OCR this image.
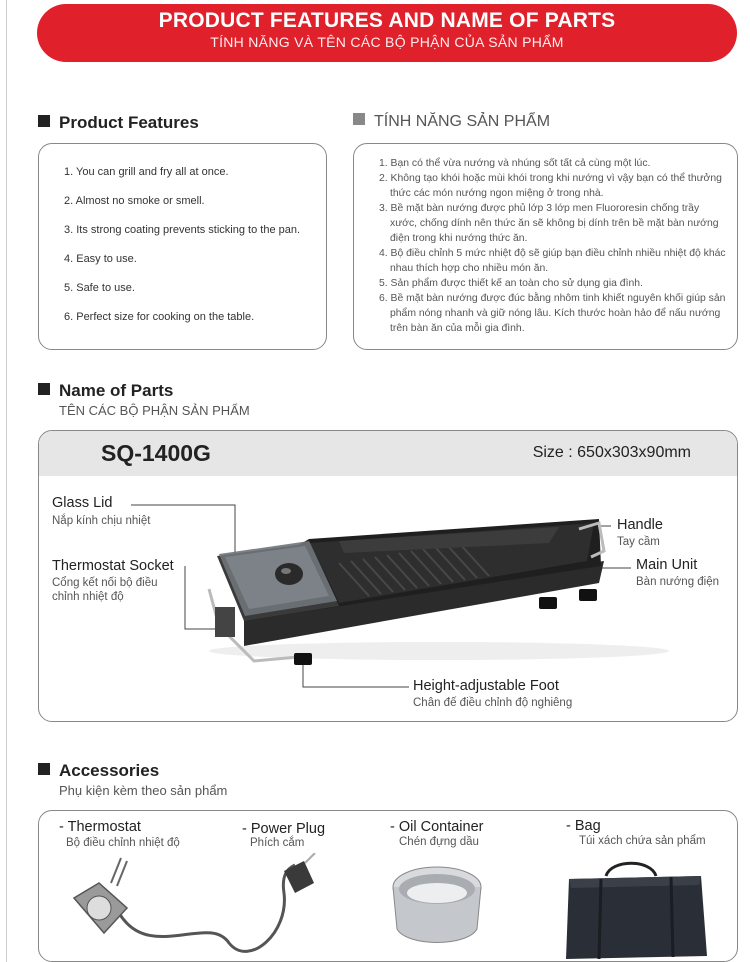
PRODUCT FEATURES AND NAME OF PARTS
TÍNH NĂNG VÀ TÊN CÁC BỘ PHẬN CỦA SẢN PHẨM
Product Features	TÍNH NĂNG SẢN PHẨM
1. You can grill and fry all at once.
2. Almost no smoke or smell.
3. Its strong coating prevents sticking to the pan.
4. Easy to use.
5. Safe to use.
6. Perfect size for cooking on the table.
1. Bạn có thể vừa nướng và nhúng sốt tất cả cùng một lúc.
2. Không tạo khói hoặc mùi khói trong khi nướng vì vậy bạn có thể thưởng thức các món nướng ngon miệng ở trong nhà.
3. Bề mặt bàn nướng được phủ lớp 3 lớp men Fluororesin chống trầy xước, chống dính nên thức ăn sẽ không bị dính trên bề mặt bàn nướng điện trong khi nướng thức ăn.
4. Bộ điều chỉnh 5 mức nhiệt độ sẽ giúp bạn điều chỉnh nhiều nhiệt độ khác nhau thích hợp cho nhiều món ăn.
5. Sản phẩm được thiết kế an toàn cho sử dụng gia đình.
6. Bề mặt bàn nướng được đúc bằng nhôm tinh khiết nguyên khối giúp sản phẩm nóng nhanh và giữ nóng lâu. Kích thước hoàn hảo để nấu nướng trên bàn ăn của mỗi gia đình.
Name of Parts
TÊN CÁC BỘ PHẬN SẢN PHẨM
SQ-1400G	Size : 650x303x90mm
Glass Lid
Nắp kính chịu nhiệt
Thermostat Socket
Cổng kết nối bộ điều
chỉnh nhiệt độ
Handle
Tay cầm
Main Unit
Bàn nướng điện
Height-adjustable Foot
Chân đế điều chỉnh độ nghiêng
Accessories
Phụ kiện kèm theo sản phẩm
- Thermostat
Bộ điều chỉnh nhiệt độ
- Power Plug
Phích cắm
- Oil Container
Chén đựng dầu
- Bag
Túi xách chứa sản phẩm
